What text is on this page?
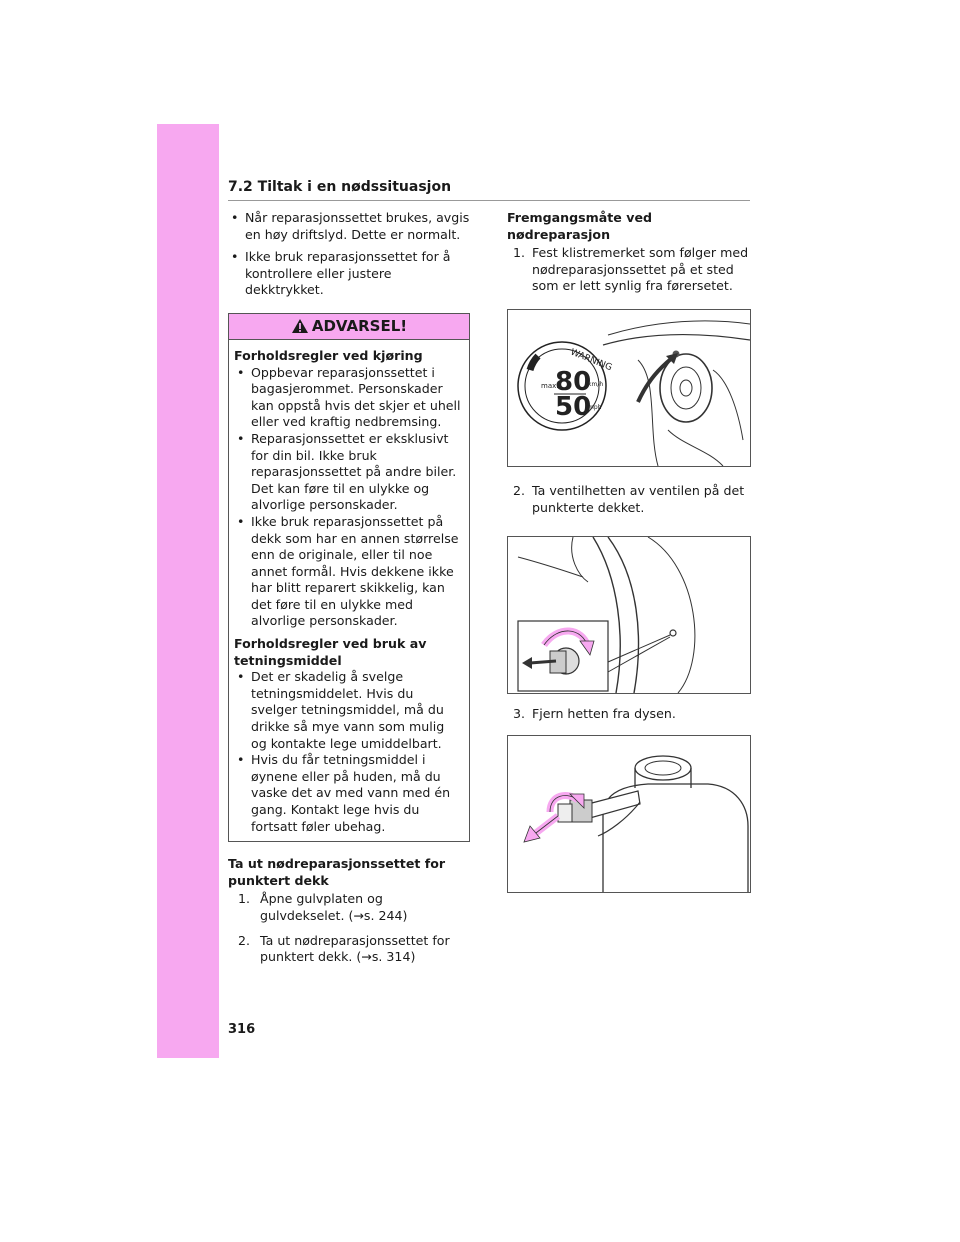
7.2 Tiltak i en nødssituasjon
• Når reparasjonssettet brukes, avgis en høy driftslyd. Dette er normalt.
• Ikke bruk reparasjonssettet for å kontrollere eller justere dekktrykket.
ADVARSEL!
Forholdsregler ved kjøring
• Oppbevar reparasjonssettet i bagasjerommet. Personskader kan oppstå hvis det skjer et uhell eller ved kraftig nedbremsing.
• Reparasjonssettet er eksklusivt for din bil. Ikke bruk reparasjonssettet på andre biler. Det kan føre til en ulykke og alvorlige personskader.
• Ikke bruk reparasjonssettet på dekk som har en annen størrelse enn de originale, eller til noe annet formål. Hvis dekkene ikke har blitt reparert skikkelig, kan det føre til en ulykke med alvorlige personskader.
Forholdsregler ved bruk av tetningsmiddel
• Det er skadelig å svelge tetningsmiddelet. Hvis du svelger tetningsmiddel, må du drikke så mye vann som mulig og kontakte lege umiddelbart.
• Hvis du får tetningsmiddel i øynene eller på huden, må du vaske det av med vann med én gang. Kontakt lege hvis du fortsatt føler ubehag.
Ta ut nødreparasjonssettet for punktert dekk
1. Åpne gulvplaten og gulvdekselet. (→s. 244)
2. Ta ut nødreparasjonssettet for punktert dekk. (→s. 314)
Fremgangsmåte ved nødreparasjon
1. Fest klistremerket som følger med nødreparasjonssettet på et sted som er lett synlig fra førersetet.
WARNING
max.
80
50
km/h
mph
2. Ta ventilhetten av ventilen på det punkterte dekket.
3. Fjern hetten fra dysen.
316
